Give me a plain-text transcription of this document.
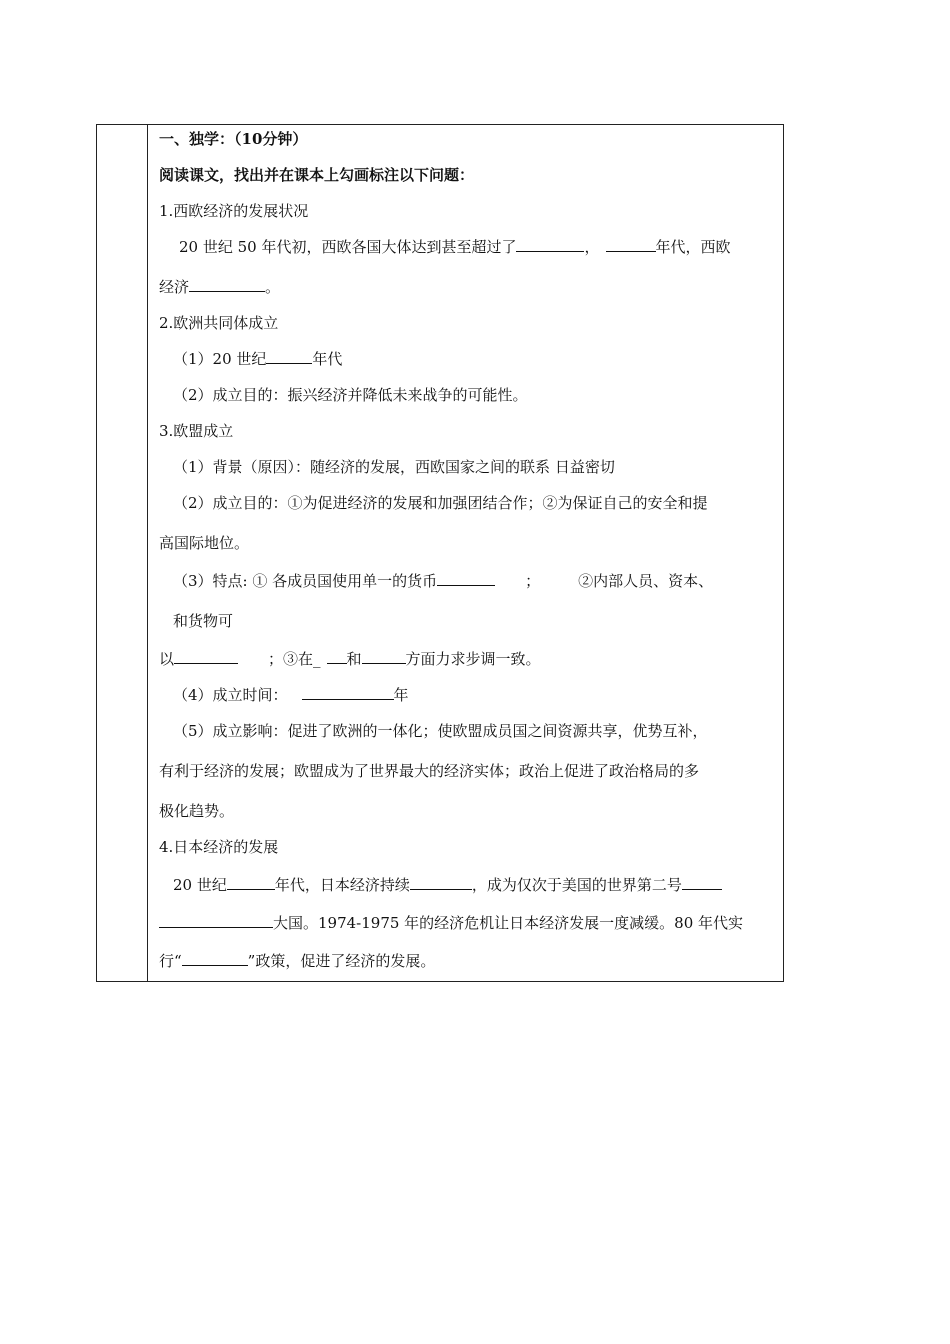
一、独学：（10分钟）
阅读课文，找出并在课本上勾画标注以下问题：
1.西欧经济的发展状况
20 世纪 50 年代初，西欧各国大体达到甚至超过了	，	年代，西欧
经济	。
2.欧洲共同体成立
（1）20 世纪	年代
（2）成立目的：振兴经济并降低未来战争的可能性。
3.欧盟成立
（1）背景（原因）：随经济的发展，西欧国家之间的联系 日益密切
（2）成立目的：①为促进经济的发展和加强团结合作；②为保证自己的安全和提
高国际地位。
（3）特点: ① 各成员国使用单一的货币	；	②内部人员、资本、
和货物可
以	；③在_ 和	方面力求步调一致。
（4）成立时间：	年
（5）成立影响：促进了欧洲的一体化；使欧盟成员国之间资源共享，优势互补，
有利于经济的发展；欧盟成为了世界最大的经济实体；政治上促进了政治格局的多
极化趋势。
4.日本经济的发展
20 世纪	年代，日本经济持续	，成为仅次于美国的世界第二号
大国。1974-1975 年的经济危机让日本经济发展一度减缓。80 年代实
行“	”政策，促进了经济的发展。
